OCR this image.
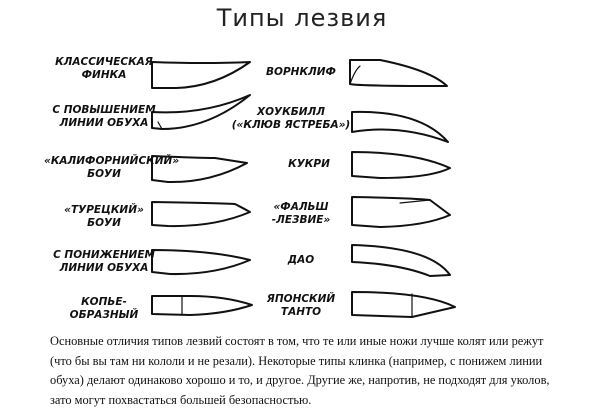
Типы лезвия
КЛАССИЧЕСКАЯ
ФИНКА
С ПОВЫШЕНИЕМ
ЛИНИИ ОБУХА
«КАЛИФОРНИЙСКИЙ»
БОУИ
«ТУРЕЦКИЙ»
БОУИ
С ПОНИЖЕНИЕМ
ЛИНИИ ОБУХА
КОПЬЕ-
ОБРАЗНЫЙ
ВОРНКЛИФ
ХОУКБИЛЛ
(«КЛЮВ ЯСТРЕБА»)
КУКРИ
«ФАЛЬШ
-ЛЕЗВИЕ»
ДАО
ЯПОНСКИЙ
ТАНТО
Основные отличия типов лезвий состоят в том, что те или иные ножи лучше колят или режут (что бы вы там ни кололи и не резали). Некоторые типы клинка (например, с понижем линии обуха) делают одинаково хорошо и то, и другое. Другие же, напротив, не подходят для уколов, зато могут похвастаться большей безопасностью.
